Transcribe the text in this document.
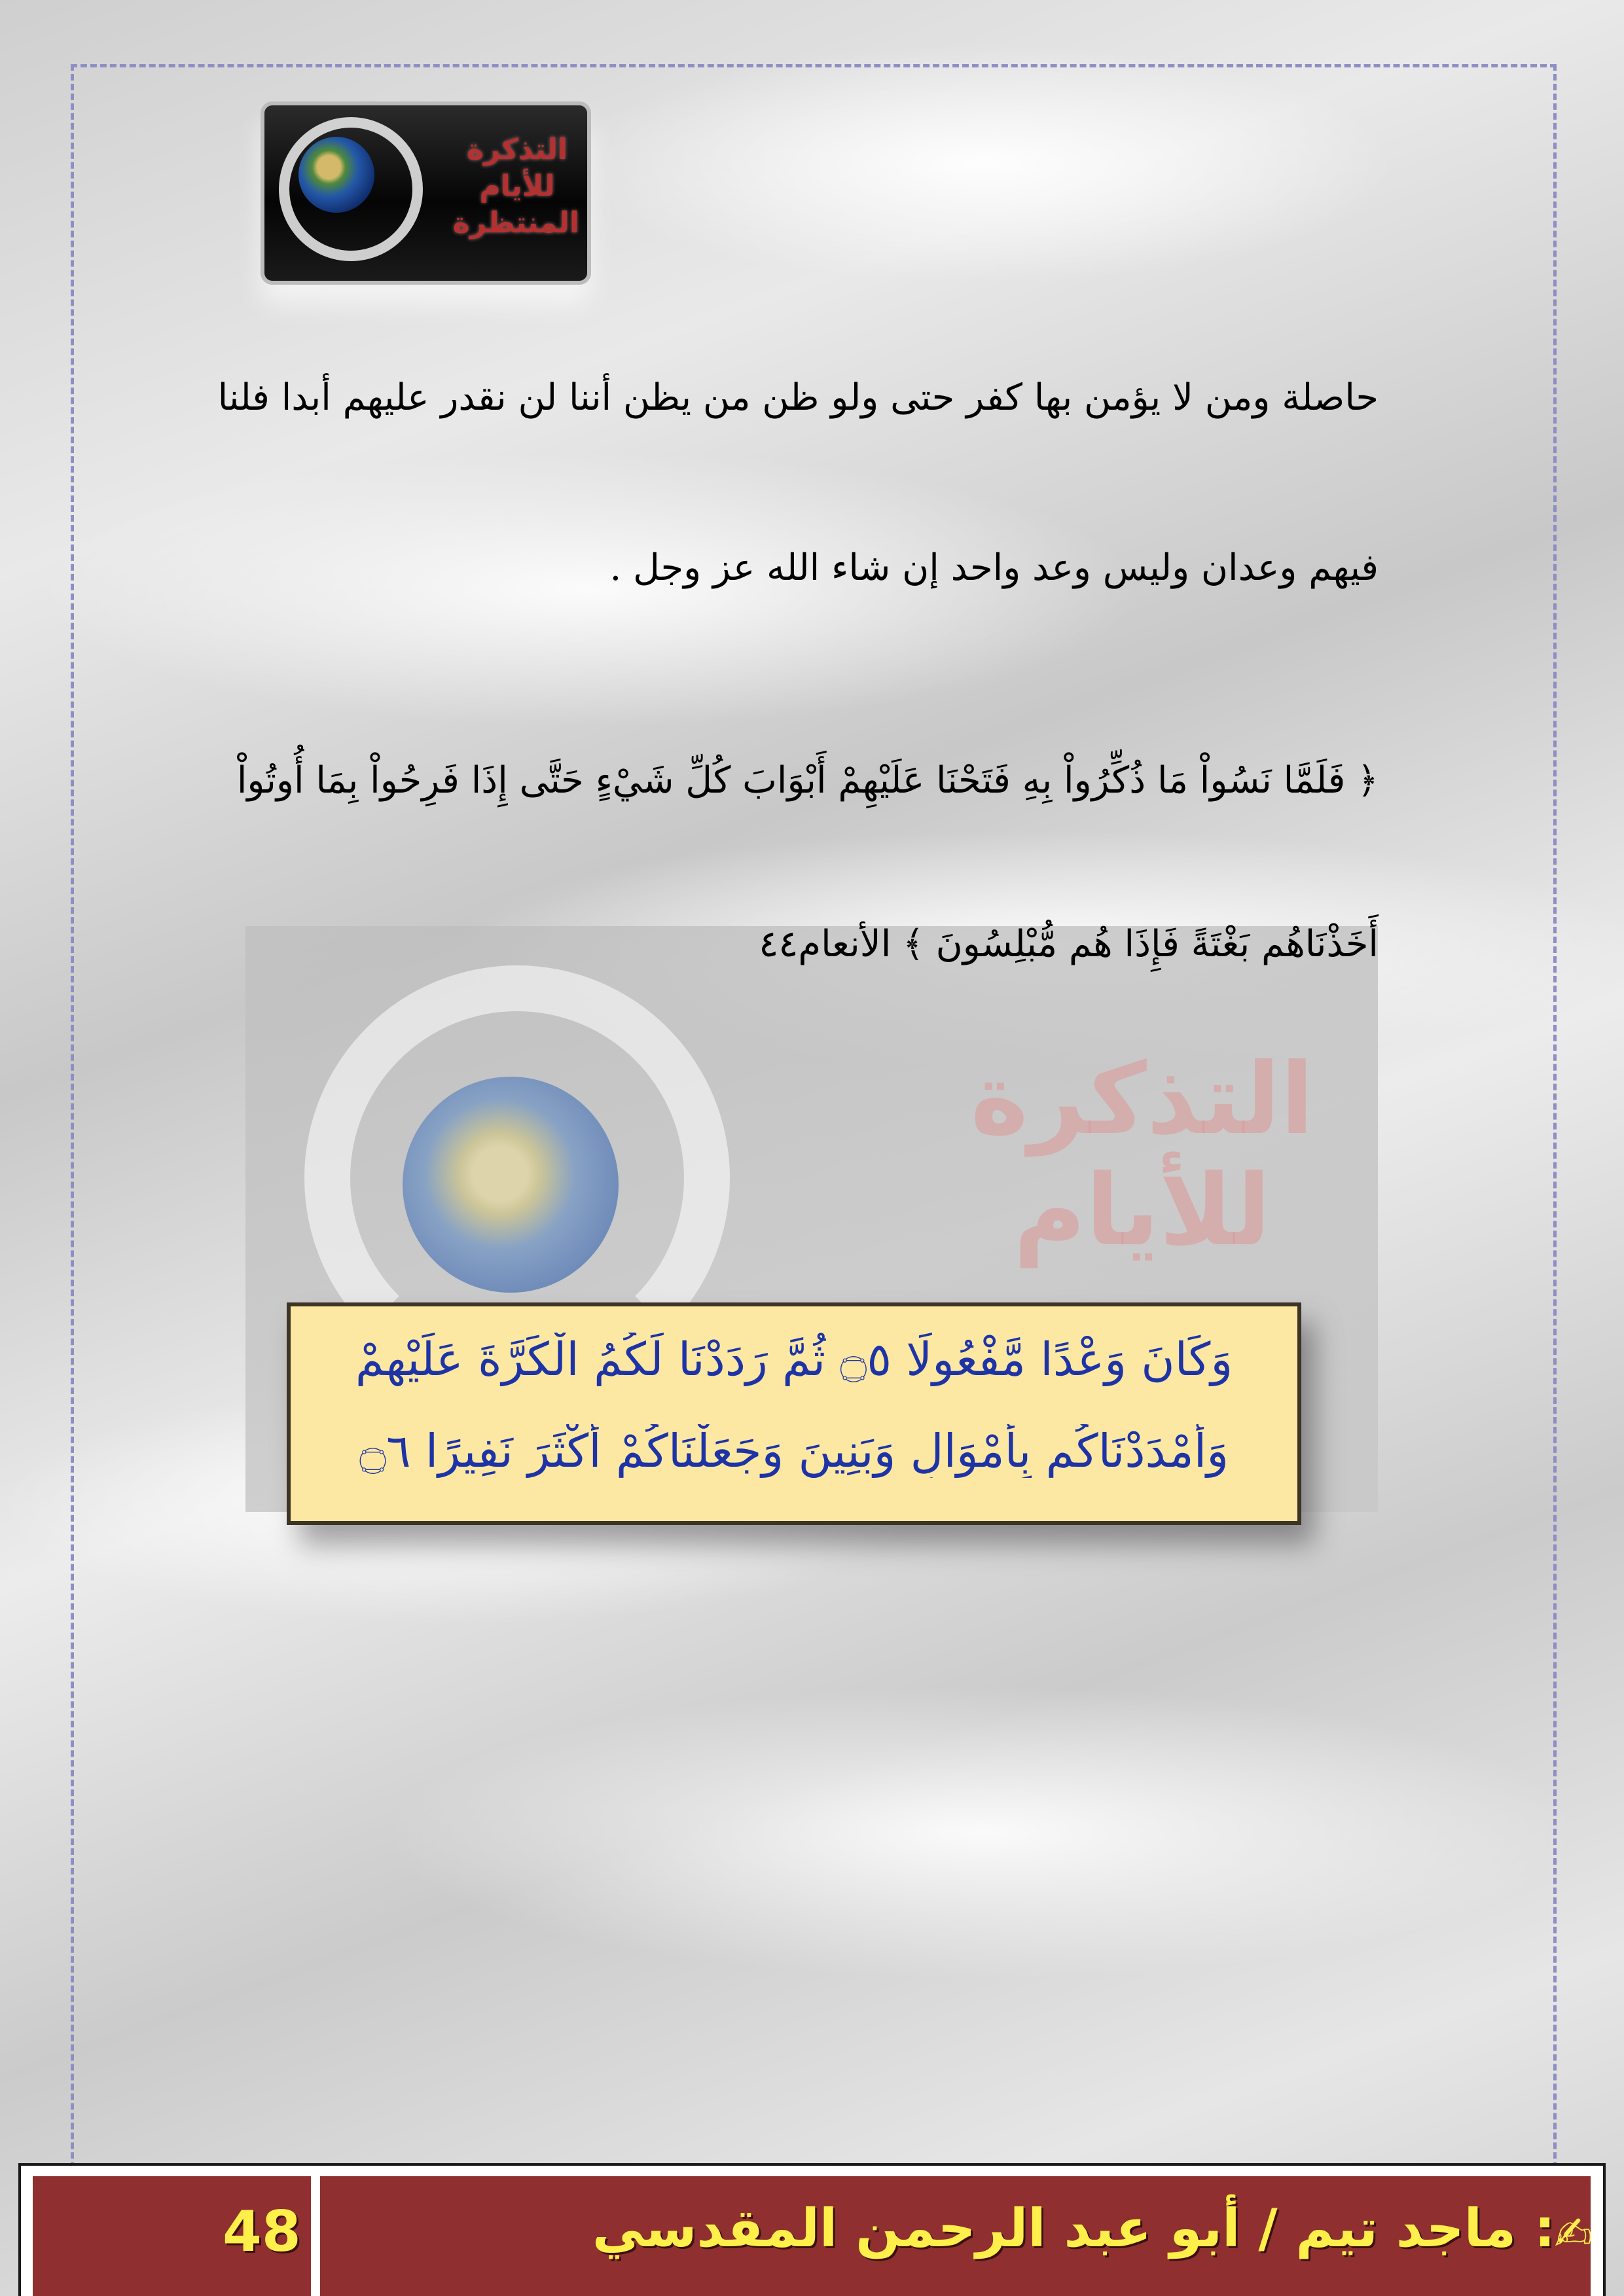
التذكرة للأيام المنتظرة
حاصلة ومن لا يؤمن بها كفر حتى ولو ظن من يظن أننا لن نقدر عليهم أبدا فلنا
فيهم وعدان وليس وعد واحد إن شاء الله عز وجل .
التذكرة للأيام
﴿ فَلَمَّا نَسُواْ مَا ذُكِّرُواْ بِهِ فَتَحْنَا عَلَيْهِمْ أَبْوَابَ كُلِّ شَيْءٍ حَتَّى إِذَا فَرِحُواْ بِمَا أُوتُواْ
أَخَذْنَاهُم بَغْتَةً فَإِذَا هُم مُّبْلِسُونَ ﴾ الأنعام٤٤
وَكَانَ وَعْدًا مَّفْعُولًا ۝٥ ثُمَّ رَدَدْنَا لَكُمُ الْكَرَّةَ عَلَيْهِمْ
وَأَمْدَدْنَاكُم بِأَمْوَالٍ وَبَنِينَ وَجَعَلْنَاكُمْ أَكْثَرَ نَفِيرًا ۝٦
48	: ماجد تيم / أبو عبد الرحمن المقدسي
✍
